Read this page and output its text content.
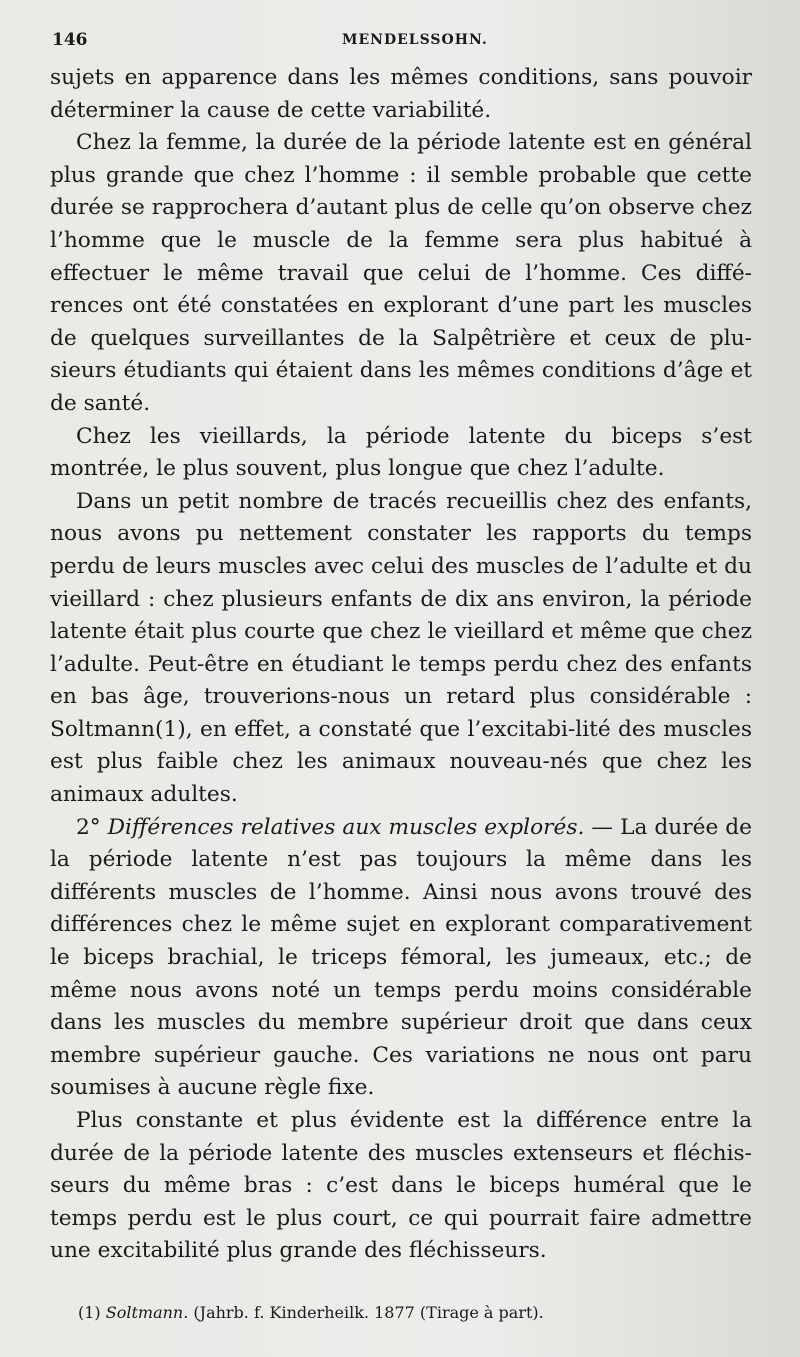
146	MENDELSSOHN.

sujets en apparence dans les mêmes conditions, sans pouvoir déterminer la cause de cette variabilité.

Chez la femme, la durée de la période latente est en général plus grande que chez l’homme : il semble probable que cette durée se rapprochera d’autant plus de celle qu’on observe chez l’homme que le muscle de la femme sera plus habitué à effectuer le même travail que celui de l’homme. Ces diffé-rences ont été constatées en explorant d’une part les muscles de quelques surveillantes de la Salpêtrière et ceux de plu-sieurs étudiants qui étaient dans les mêmes conditions d’âge et de santé.

Chez les vieillards, la période latente du biceps s’est montrée, le plus souvent, plus longue que chez l’adulte.

Dans un petit nombre de tracés recueillis chez des enfants, nous avons pu nettement constater les rapports du temps perdu de leurs muscles avec celui des muscles de l’adulte et du vieillard : chez plusieurs enfants de dix ans environ, la période latente était plus courte que chez le vieillard et même que chez l’adulte. Peut-être en étudiant le temps perdu chez des enfants en bas âge, trouverions-nous un retard plus considérable : Soltmann(1), en effet, a constaté que l’excitabi-lité des muscles est plus faible chez les animaux nouveau-nés que chez les animaux adultes.

2° Différences relatives aux muscles explorés. — La durée de la période latente n’est pas toujours la même dans les différents muscles de l’homme. Ainsi nous avons trouvé des différences chez le même sujet en explorant comparativement le biceps brachial, le triceps fémoral, les jumeaux, etc.; de même nous avons noté un temps perdu moins considérable dans les muscles du membre supérieur droit que dans ceux membre supérieur gauche. Ces variations ne nous ont paru soumises à aucune règle fixe.

Plus constante et plus évidente est la différence entre la durée de la période latente des muscles extenseurs et fléchis-seurs du même bras : c’est dans le biceps huméral que le temps perdu est le plus court, ce qui pourrait faire admettre une excitabilité plus grande des fléchisseurs.

(1) Soltmann. (Jahrb. f. Kinderheilk. 1877 (Tirage à part).
